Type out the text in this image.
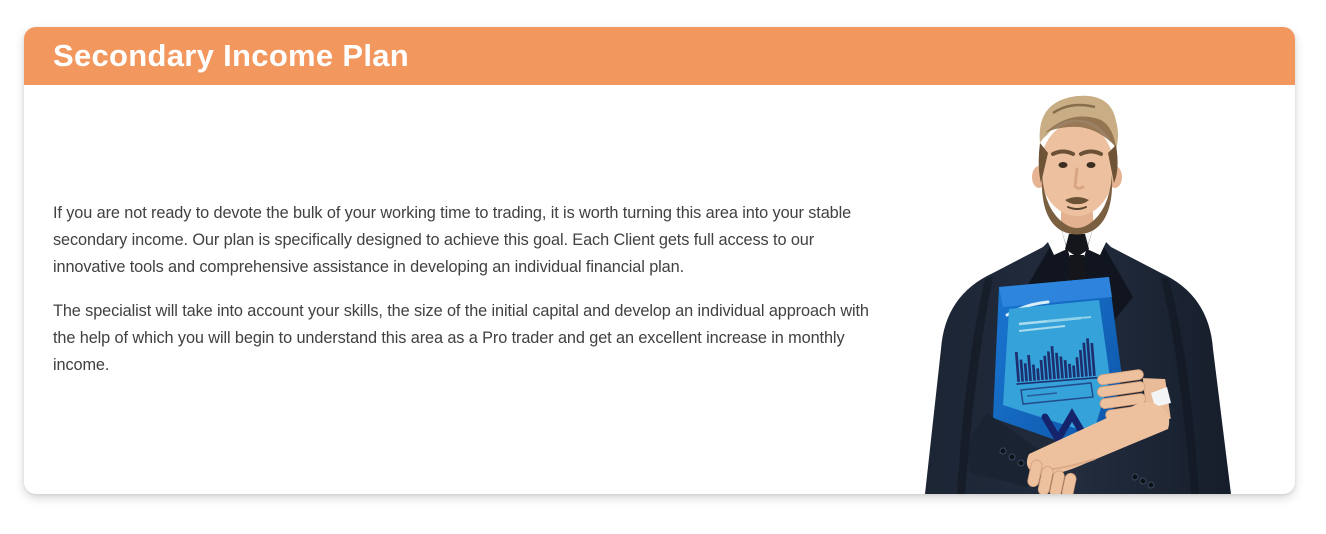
Secondary Income Plan

If you are not ready to devote the bulk of your working time to trading, it is worth turning this area into your stable secondary income. Our plan is specifically designed to achieve this goal. Each Client gets full access to our innovative tools and comprehensive assistance in developing an individual financial plan.

The specialist will take into account your skills, the size of the initial capital and develop an individual approach with the help of which you will begin to understand this area as a Pro trader and get an excellent increase in monthly income.
